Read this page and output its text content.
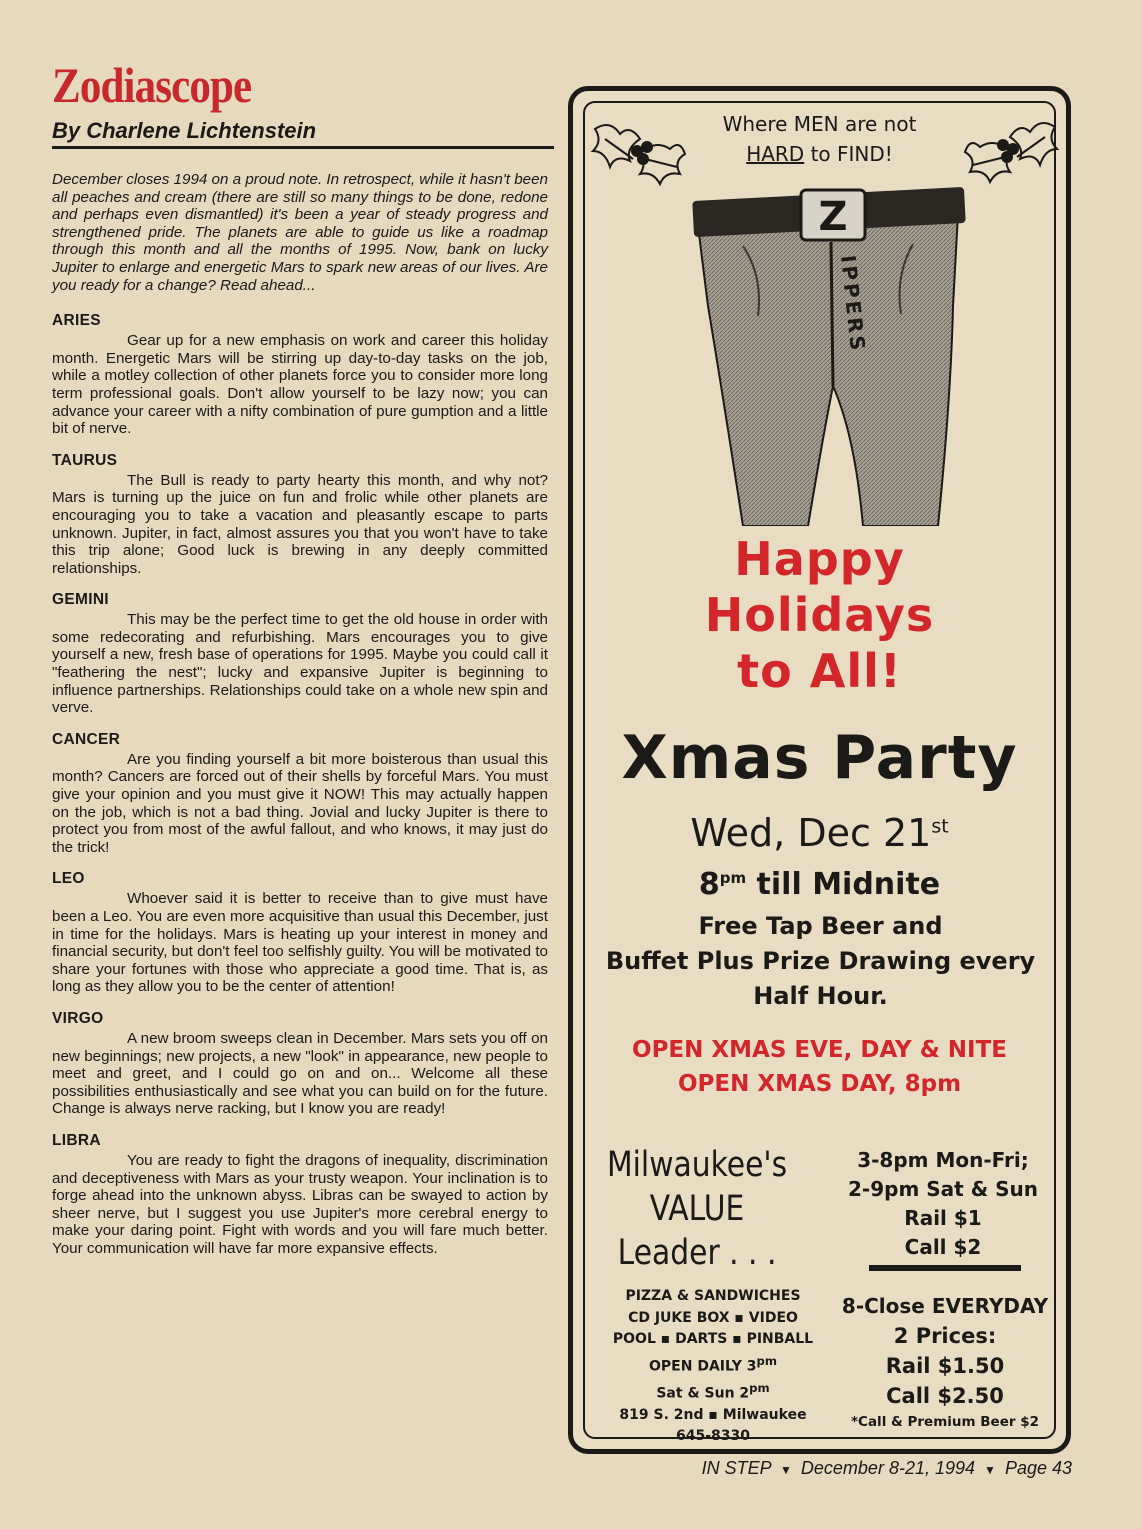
Zodiascope
By Charlene Lichtenstein

December closes 1994 on a proud note. In retrospect, while it hasn't been all peaches and cream (there are still so many things to be done, redone and perhaps even dismantled) it's been a year of steady progress and strengthened pride. The planets are able to guide us like a roadmap through this month and all the months of 1995. Now, bank on lucky Jupiter to enlarge and energetic Mars to spark new areas of our lives. Are you ready for a change? Read ahead...

ARIES

Gear up for a new emphasis on work and career this holiday month. Energetic Mars will be stirring up day-to-day tasks on the job, while a motley collection of other planets force you to consider more long term professional goals. Don't allow yourself to be lazy now; you can advance your career with a nifty combination of pure gumption and a little bit of nerve.

TAURUS

The Bull is ready to party hearty this month, and why not? Mars is turning up the juice on fun and frolic while other planets are encouraging you to take a vacation and pleasantly escape to parts unknown. Jupiter, in fact, almost assures you that you won't have to take this trip alone; Good luck is brewing in any deeply committed relationships.

GEMINI

This may be the perfect time to get the old house in order with some redecorating and refurbishing. Mars encourages you to give yourself a new, fresh base of operations for 1995. Maybe you could call it "feathering the nest"; lucky and expansive Jupiter is beginning to influence partnerships. Relationships could take on a whole new spin and verve.

CANCER

Are you finding yourself a bit more boisterous than usual this month? Cancers are forced out of their shells by forceful Mars. You must give your opinion and you must give it NOW! This may actually happen on the job, which is not a bad thing. Jovial and lucky Jupiter is there to protect you from most of the awful fallout, and who knows, it may just do the trick!

LEO

Whoever said it is better to receive than to give must have been a Leo. You are even more acquisitive than usual this December, just in time for the holidays. Mars is heating up your interest in money and financial security, but don't feel too selfishly guilty. You will be motivated to share your fortunes with those who appreciate a good time. That is, as long as they allow you to be the center of attention!

VIRGO

A new broom sweeps clean in December. Mars sets you off on new beginnings; new projects, a new "look" in appearance, new people to meet and greet, and I could go on and on... Welcome all these possibilities enthusiastically and see what you can build on for the future. Change is always nerve racking, but I know you are ready!

LIBRA

You are ready to fight the dragons of inequality, discrimination and deceptiveness with Mars as your trusty weapon. Your inclination is to forge ahead into the unknown abyss. Libras can be swayed to action by sheer nerve, but I suggest you use Jupiter's more cerebral energy to make your daring point. Fight with words and you will fare much better. Your communication will have far more expansive effects.

Where MEN are not
HARD to FIND!
Z
IPPERS
Happy
Holidays
to All!
Xmas Party
Wed, Dec 21st
$8^{pm}$ till Midnite
Free Tap Beer and
Buffet Plus Prize Drawing every
Half Hour.
OPEN XMAS EVE, DAY & NITE
OPEN XMAS DAY, 8pm
Milwaukee's
VALUE
Leader . . .
3-8pm Mon-Fri;
2-9pm Sat & Sun
Rail $1
Call $2
PIZZA & SANDWICHES
CD JUKE BOX ▪ VIDEO
POOL ▪ DARTS ▪ PINBALL
OPEN DAILY $3^{pm}$
Sat & Sun $2^{pm}$
819 S. 2nd ▪ Milwaukee
645-8330
8-Close EVERYDAY
2 Prices:
Rail $1.50
Call $2.50
*Call & Premium Beer $2
IN STEP ▼ December 8-21, 1994 ▼ Page 43
